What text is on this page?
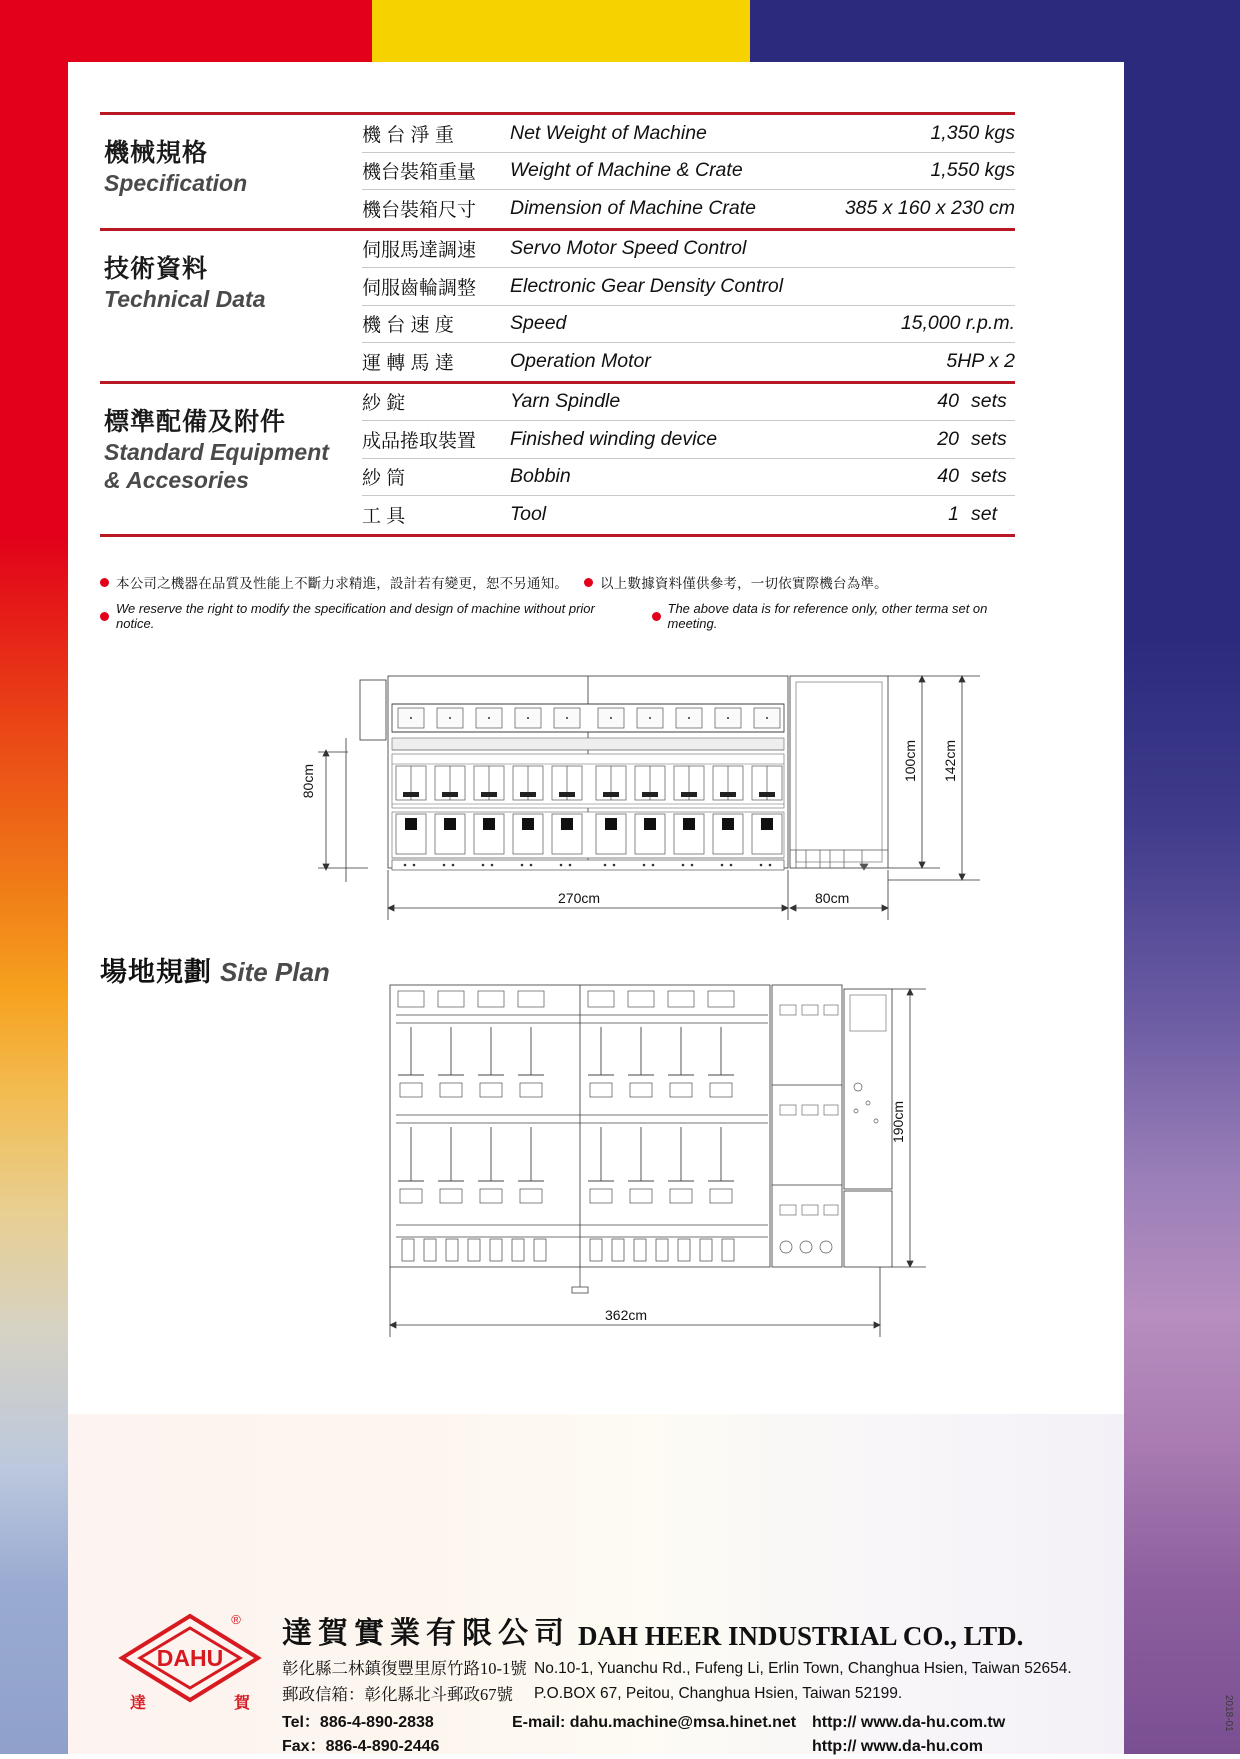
機械規格
Specification
機 台 淨 重	Net Weight of Machine	1,350 kgs
機台裝箱重量	Weight of Machine & Crate	1,550 kgs
機台裝箱尺寸	Dimension of Machine Crate	385 x 160 x 230 cm
技術資料
Technical Data
伺服馬達調速	Servo Motor Speed Control
伺服齒輪調整	Electronic Gear Density Control
機 台 速 度	Speed	15,000 r.p.m.
運 轉 馬 達	Operation Motor	5HP x 2
標準配備及附件
Standard Equipment
& Accesories
紗 錠	Yarn Spindle	40 sets
成品捲取裝置	Finished winding device	20 sets
紗 筒	Bobbin	40 sets
工 具	Tool	1 set
本公司之機器在品質及性能上不斷力求精進，設計若有變更，恕不另通知。 以上數據資料僅供參考，一切依實際機台為準。
We reserve the right to modify the specification and design of machine without prior notice.
The above data is for reference only, other terma set on meeting.
80cm	100cm 142cm
270cm	80cm
場地規劃 Site Plan
190cm
362cm
DAHU
®
達	賀
達賀實業有限公司 DAH HEER INDUSTRIAL CO., LTD.
彰化縣二林鎮復豐里原竹路10-1號
郵政信箱：彰化縣北斗郵政67號
No.10-1, Yuanchu Rd., Fufeng Li, Erlin Town, Changhua Hsien, Taiwan 52654.
P.O.BOX 67, Peitou, Changhua Hsien, Taiwan 52199.
Tel：886-4-890-2838
Fax：886-4-890-2446
E-mail: dahu.machine@msa.hinet.net http:// www.da-hu.com.tw
http:// www.da-hu.com
2018-01
